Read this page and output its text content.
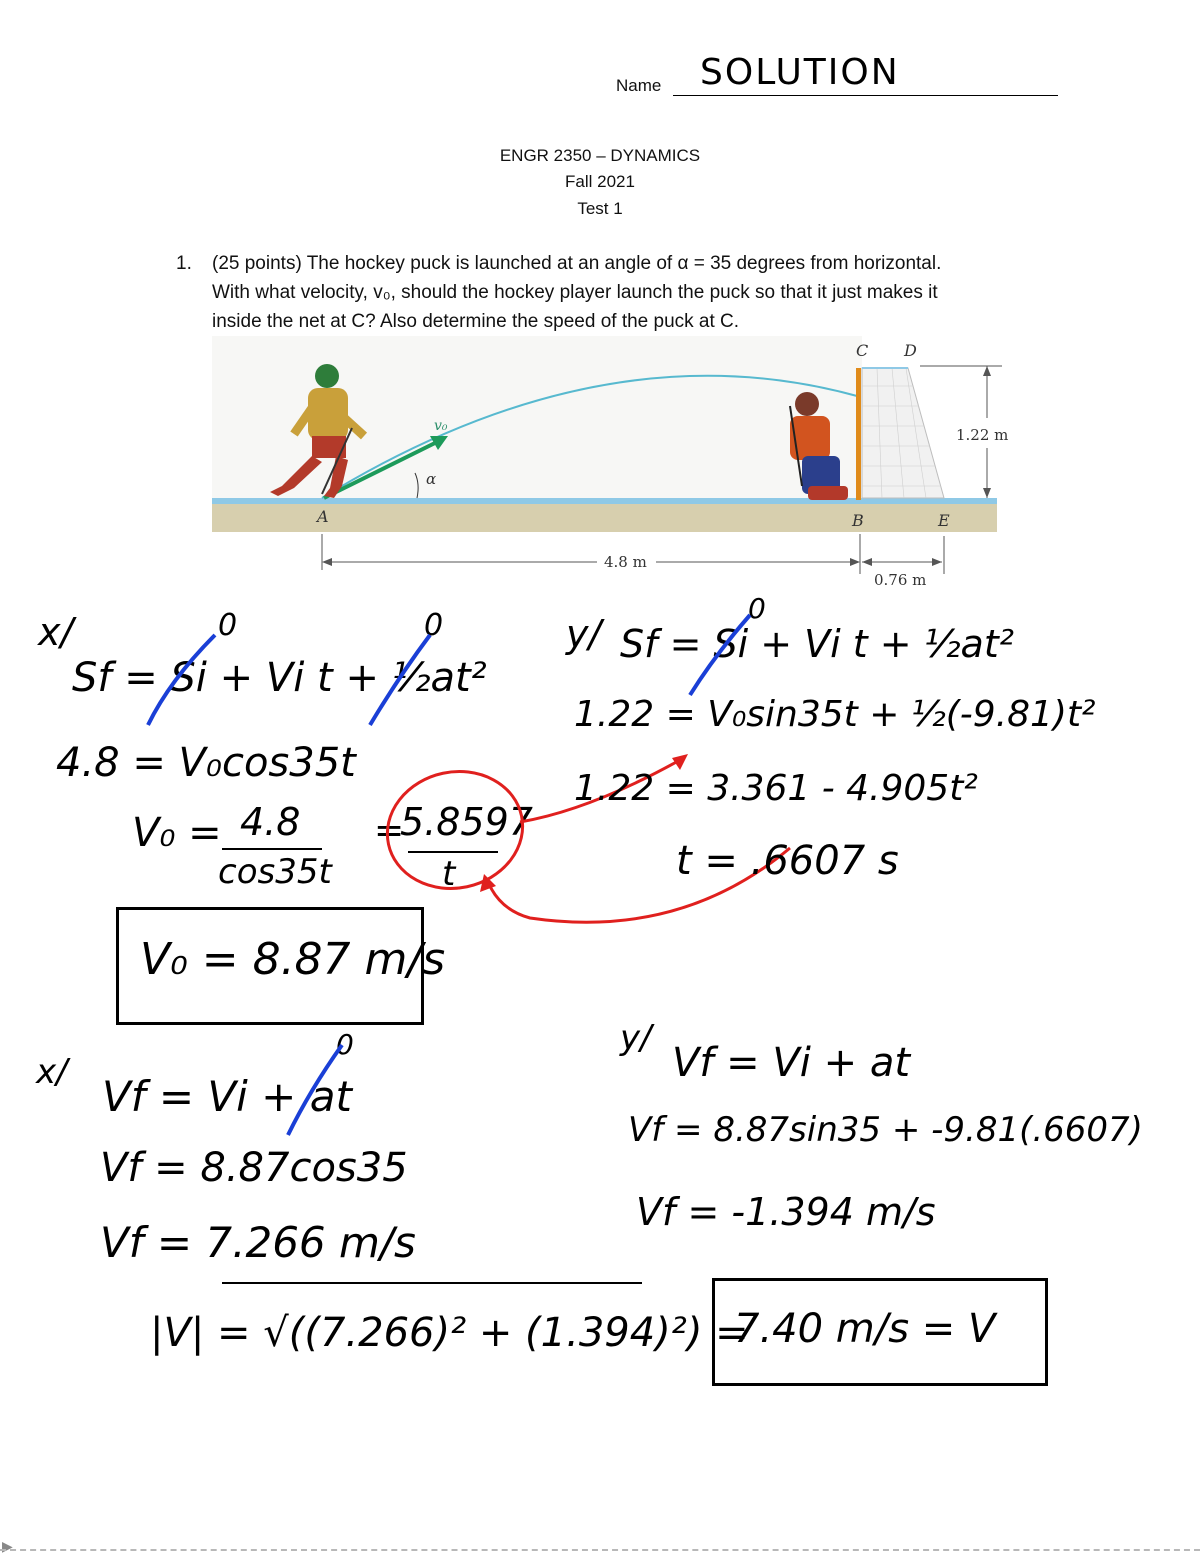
Name SOLUTION
ENGR 2350 – DYNAMICS
Fall 2021
Test 1
1. (25 points) The hockey puck is launched at an angle of α = 35 degrees from horizontal.
With what velocity, v₀, should the hockey player launch the puck so that it just makes it
inside the net at C? Also determine the speed of the puck at C.
v₀
α
C D
A	B	E
1.22 m
4.8 m
0.76 m
x/
Sf = Si + Vi t + ½at²
0	0
4.8 = V₀cos35t
V₀ = 4.8
cos35t
=
5.8597
t
V₀ = 8.87 m/s
y/ Sf = Si + Vi t + ½at²
0
1.22 = V₀sin35t + ½(-9.81)t²
1.22 = 3.361 - 4.905t²
t = .6607 s
x/ Vf = Vi + at
0
Vf = 8.87cos35
Vf = 7.266 m/s
y/
Vf = Vi + at
Vf = 8.87sin35 + -9.81(.6607)
Vf = -1.394 m/s
|V| = √((7.266)² + (1.394)²) =
7.40 m/s = V
▶
